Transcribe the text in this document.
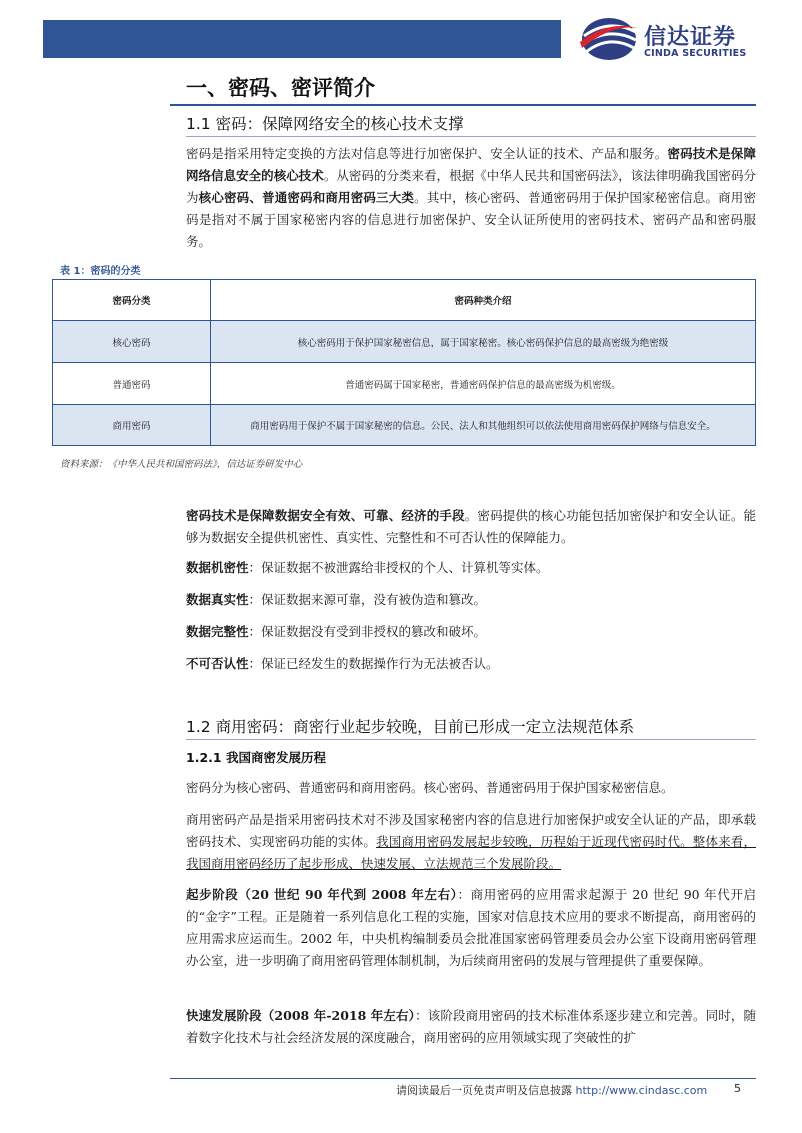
信达证券
CINDA SECURITIES
一、密码、密评简介
1.1 密码：保障网络安全的核心技术支撑
密码是指采用特定变换的方法对信息等进行加密保护、安全认证的技术、产品和服务。密码技术是保障网络信息安全的核心技术。从密码的分类来看，根据《中华人民共和国密码法》，该法律明确我国密码分为核心密码、普通密码和商用密码三大类。其中，核心密码、普通密码用于保护国家秘密信息。商用密码是指对不属于国家秘密内容的信息进行加密保护、安全认证所使用的密码技术、密码产品和密码服务。
表 1：密码的分类
密码分类	密码种类介绍
核心密码	核心密码用于保护国家秘密信息，属于国家秘密。核心密码保护信息的最高密级为绝密级
普通密码	普通密码属于国家秘密，普通密码保护信息的最高密级为机密级。
商用密码	商用密码用于保护不属于国家秘密的信息。公民、法人和其他组织可以依法使用商用密码保护网络与信息安全。
资料来源：《中华人民共和国密码法》，信达证券研发中心
密码技术是保障数据安全有效、可靠、经济的手段。密码提供的核心功能包括加密保护和安全认证。能够为数据安全提供机密性、真实性、完整性和不可否认性的保障能力。
数据机密性：保证数据不被泄露给非授权的个人、计算机等实体。
数据真实性：保证数据来源可靠，没有被伪造和篡改。
数据完整性：保证数据没有受到非授权的篡改和破坏。
不可否认性：保证已经发生的数据操作行为无法被否认。
1.2 商用密码：商密行业起步较晚，目前已形成一定立法规范体系
1.2.1 我国商密发展历程
密码分为核心密码、普通密码和商用密码。核心密码、普通密码用于保护国家秘密信息。
商用密码产品是指采用密码技术对不涉及国家秘密内容的信息进行加密保护或安全认证的产品，即承载密码技术、实现密码功能的实体。我国商用密码发展起步较晚，历程始于近现代密码时代。整体来看，我国商用密码经历了起步形成、快速发展、立法规范三个发展阶段。
起步阶段（20 世纪 90 年代到 2008 年左右）：商用密码的应用需求起源于 20 世纪 90 年代开启的“金字”工程。正是随着一系列信息化工程的实施，国家对信息技术应用的要求不断提高，商用密码的应用需求应运而生。2002 年，中央机构编制委员会批准国家密码管理委员会办公室下设商用密码管理办公室，进一步明确了商用密码管理体制机制，为后续商用密码的发展与管理提供了重要保障。
快速发展阶段（2008 年-2018 年左右）：该阶段商用密码的技术标准体系逐步建立和完善。同时，随着数字化技术与社会经济发展的深度融合，商用密码的应用领域实现了突破性的扩
请阅读最后一页免责声明及信息披露 http://www.cindasc.com 5
